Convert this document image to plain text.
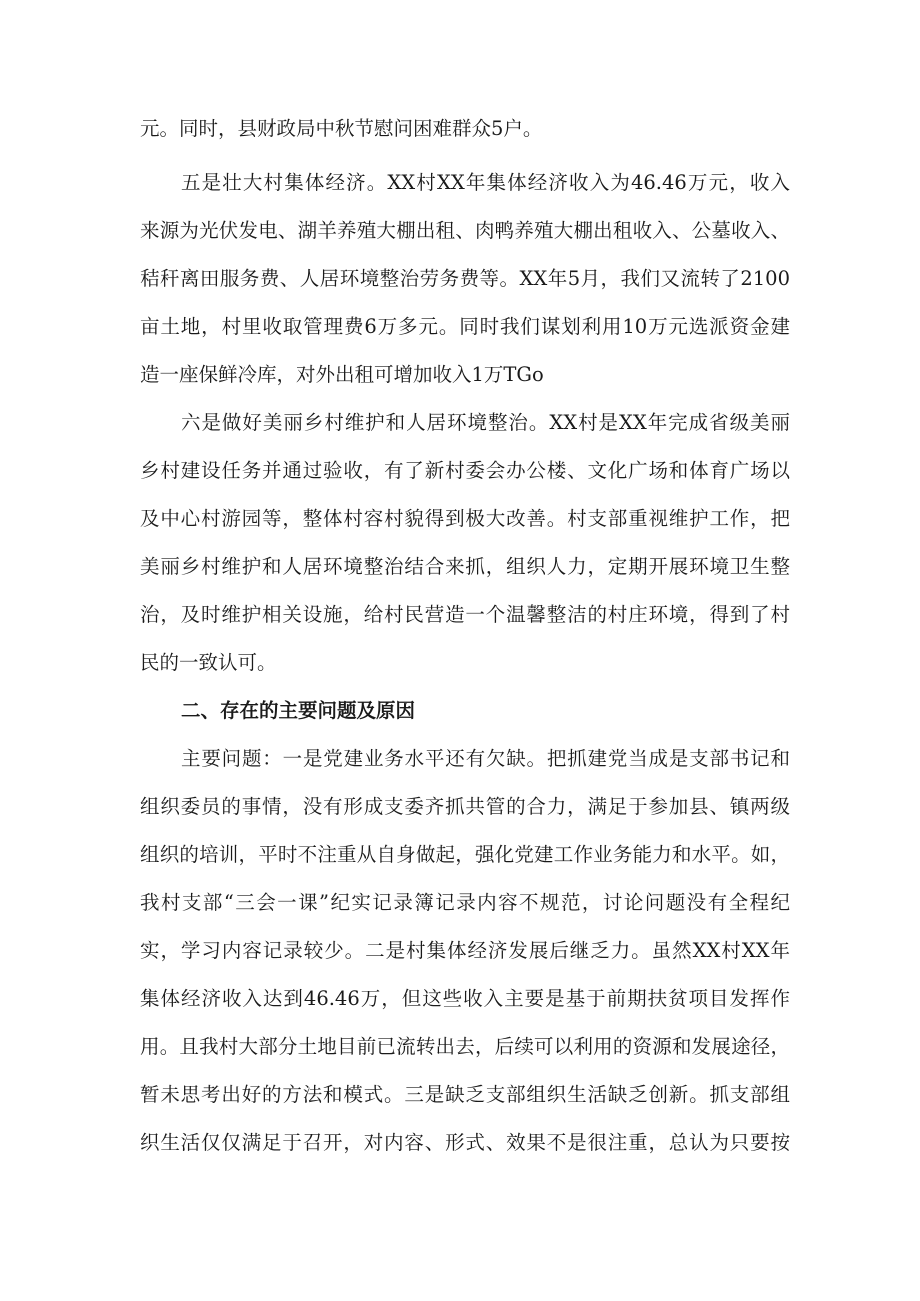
元。同时，县财政局中秋节慰问困难群众5户。
五是壮大村集体经济。XX村XX年集体经济收入为46.46万元，收入
来源为光伏发电、湖羊养殖大棚出租、肉鸭养殖大棚出租收入、公墓收入、
秸秆离田服务费、人居环境整治劳务费等。XX年5月，我们又流转了2100
亩土地，村里收取管理费6万多元。同时我们谋划利用10万元选派资金建
造一座保鲜冷库，对外出租可增加收入1万TGo
六是做好美丽乡村维护和人居环境整治。XX村是XX年完成省级美丽
乡村建设任务并通过验收，有了新村委会办公楼、文化广场和体育广场以
及中心村游园等，整体村容村貌得到极大改善。村支部重视维护工作，把
美丽乡村维护和人居环境整治结合来抓，组织人力，定期开展环境卫生整
治，及时维护相关设施，给村民营造一个温馨整洁的村庄环境，得到了村
民的一致认可。
二、存在的主要问题及原因
主要问题：一是党建业务水平还有欠缺。把抓建党当成是支部书记和
组织委员的事情，没有形成支委齐抓共管的合力，满足于参加县、镇两级
组织的培训，平时不注重从自身做起，强化党建工作业务能力和水平。如，
我村支部“三会一课”纪实记录簿记录内容不规范，讨论问题没有全程纪
实，学习内容记录较少。二是村集体经济发展后继乏力。虽然XX村XX年
集体经济收入达到46.46万，但这些收入主要是基于前期扶贫项目发挥作
用。且我村大部分土地目前已流转出去，后续可以利用的资源和发展途径，
暂未思考出好的方法和模式。三是缺乏支部组织生活缺乏创新。抓支部组
织生活仅仅满足于召开，对内容、形式、效果不是很注重，总认为只要按
